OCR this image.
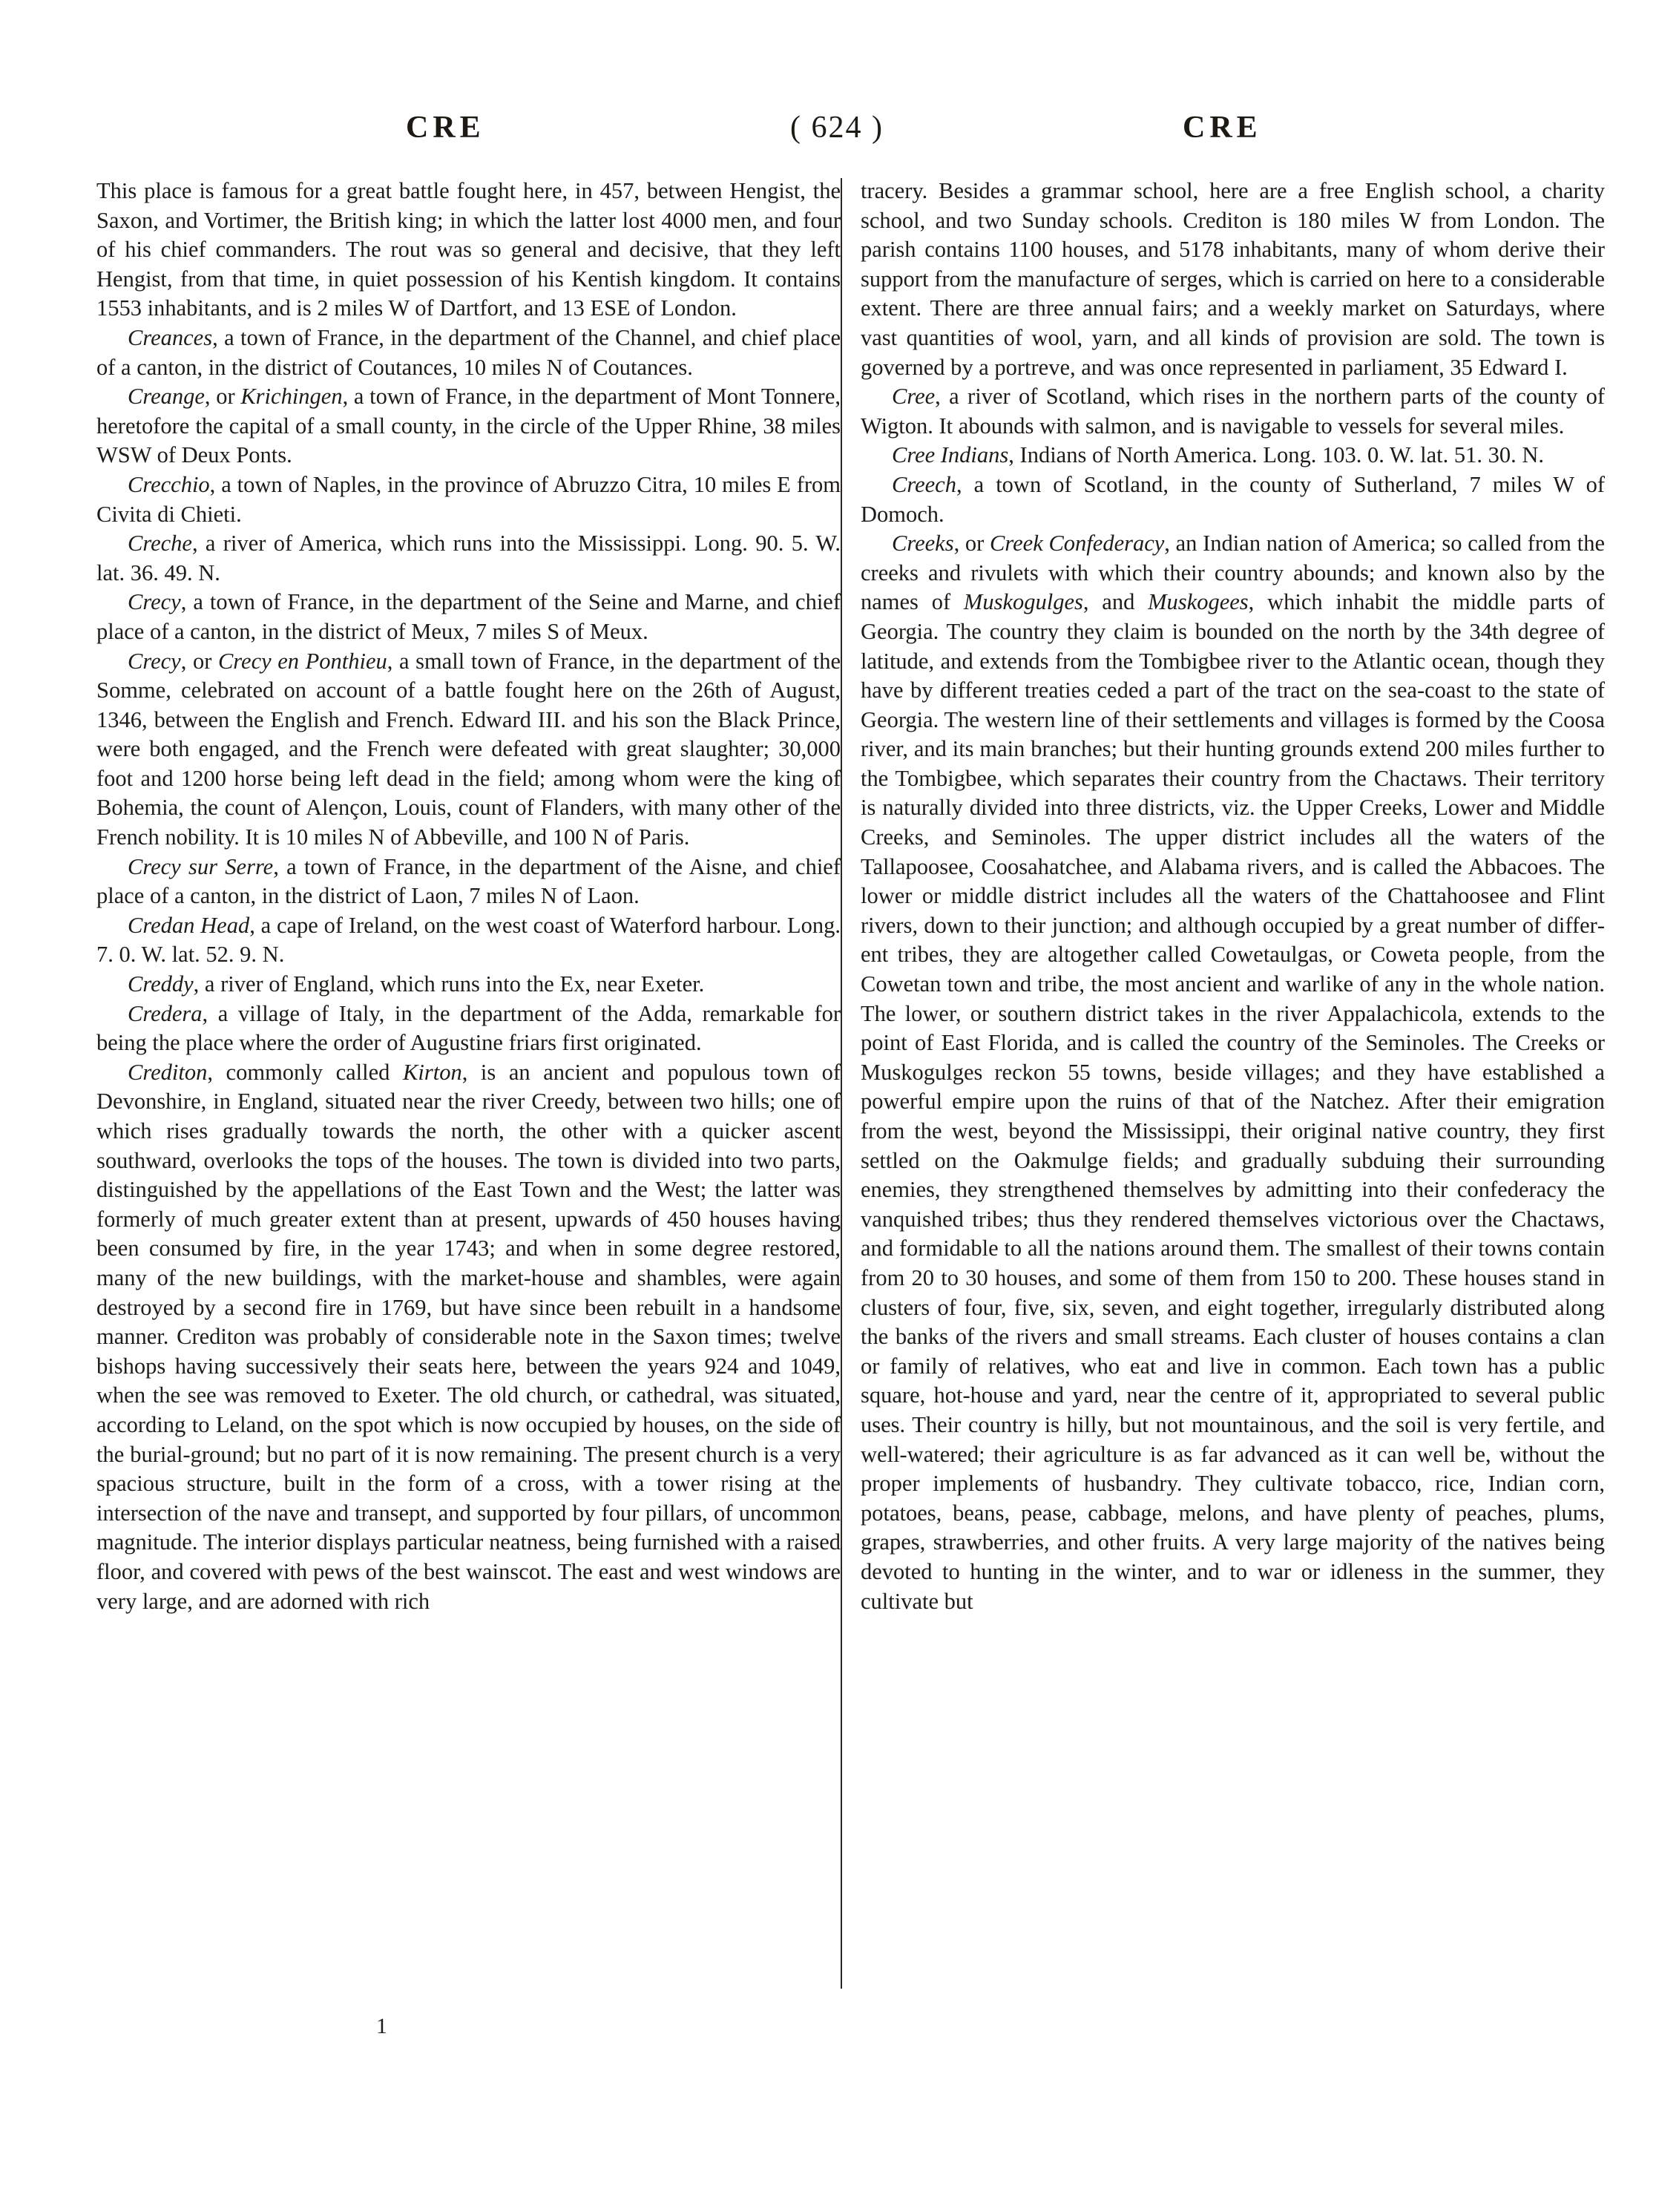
CRE	( 624 )	CRE

This place is famous for a great battle fought here, in 457, between Hengist, the Saxon, and Vortimer, the British king; in which the latter lost 4000 men, and four of his chief commanders. The rout was so general and decisive, that they left Hengist, from that time, in quiet possession of his Kentish kingdom. It contains 1553 inhabitants, and is 2 miles W of Dartfort, and 13 ESE of London.

Creances, a town of France, in the department of the Channel, and chief place of a canton, in the district of Coutances, 10 miles N of Coutances.

Creange, or Krichingen, a town of France, in the department of Mont Tonnere, heretofore the capital of a small county, in the circle of the Upper Rhine, 38 miles WSW of Deux Ponts.

Crecchio, a town of Naples, in the province of Abruzzo Citra, 10 miles E from Civita di Chieti.

Creche, a river of America, which runs into the Mississippi. Long. 90. 5. W. lat. 36. 49. N.

Crecy, a town of France, in the department of the Seine and Marne, and chief place of a canton, in the district of Meux, 7 miles S of Meux.

Crecy, or Crecy en Ponthieu, a small town of France, in the department of the Somme, celebrated on account of a battle fought here on the 26th of August, 1346, between the English and French. Edward III. and his son the Black Prince, were both engaged, and the French were defeated with great slaughter; 30,000 foot and 1200 horse being left dead in the field; among whom were the king of Bohemia, the count of Alençon, Louis, count of Flanders, with many other of the French nobility. It is 10 miles N of Abbeville, and 100 N of Paris.

Crecy sur Serre, a town of France, in the department of the Aisne, and chief place of a canton, in the district of Laon, 7 miles N of Laon.

Credan Head, a cape of Ireland, on the west coast of Waterford harbour. Long. 7. 0. W. lat. 52. 9. N.

Creddy, a river of England, which runs into the Ex, near Exeter.

Credera, a village of Italy, in the department of the Adda, remarkable for being the place where the order of Augustine friars first originated.

Crediton, commonly called Kirton, is an ancient and populous town of Devonshire, in England, situated near the river Creedy, between two hills; one of which rises gradually towards the north, the other with a quicker ascent southward, overlooks the tops of the houses. The town is divided into two parts, distinguished by the appellations of the East Town and the West; the latter was formerly of much greater extent than at present, upwards of 450 houses having been consumed by fire, in the year 1743; and when in some degree restored, many of the new buildings, with the market-house and shambles, were again destroyed by a second fire in 1769, but have since been rebuilt in a handsome manner. Crediton was probably of considerable note in the Saxon times; twelve bishops having successively their seats here, between the years 924 and 1049, when the see was removed to Exeter. The old church, or cathedral, was situated, according to Leland, on the spot which is now occupied by houses, on the side of the burial-ground; but no part of it is now remaining. The present church is a very spacious structure, built in the form of a cross, with a tower rising at the intersection of the nave and transept, and supported by four pillars, of uncommon magnitude. The interior displays particular neatness, being furnished with a raised floor, and covered with pews of the best wainscot. The east and west windows are very large, and are adorned with rich

tracery. Besides a grammar school, here are a free English school, a charity school, and two Sunday schools. Crediton is 180 miles W from London. The parish contains 1100 houses, and 5178 inhabitants, many of whom derive their support from the manufacture of serges, which is carried on here to a considerable extent. There are three annual fairs; and a weekly market on Saturdays, where vast quantities of wool, yarn, and all kinds of provision are sold. The town is governed by a portreve, and was once represented in parliament, 35 Edward I.

Cree, a river of Scotland, which rises in the northern parts of the county of Wigton. It abounds with salmon, and is navigable to vessels for several miles.

Cree Indians, Indians of North America. Long. 103. 0. W. lat. 51. 30. N.

Creech, a town of Scotland, in the county of Sutherland, 7 miles W of Domoch.

Creeks, or Creek Confederacy, an Indian nation of America; so called from the creeks and rivulets with which their country abounds; and known also by the names of Muskogulges, and Muskogees, which inhabit the middle parts of Georgia. The country they claim is bounded on the north by the 34th degree of latitude, and extends from the Tombigbee river to the Atlantic ocean, though they have by different treaties ceded a part of the tract on the sea-coast to the state of Georgia. The western line of their settlements and villages is formed by the Coosa river, and its main branches; but their hunting grounds extend 200 miles further to the Tombigbee, which separates their country from the Chactaws. Their territory is naturally divided into three districts, viz. the Upper Creeks, Lower and Middle Creeks, and Seminoles. The upper district includes all the waters of the Tallapoosee, Coosahatchee, and Alabama rivers, and is called the Abbacoes. The lower or middle district includes all the waters of the Chattahoosee and Flint rivers, down to their junction; and although occupied by a great number of different tribes, they are altogether called Cowetaulgas, or Coweta people, from the Cowetan town and tribe, the most ancient and warlike of any in the whole nation. The lower, or southern district takes in the river Appalachicola, extends to the point of East Florida, and is called the country of the Seminoles. The Creeks or Muskogulges reckon 55 towns, beside villages; and they have established a powerful empire upon the ruins of that of the Natchez. After their emigration from the west, beyond the Mississippi, their original native country, they first settled on the Oakmulge fields; and gradually subduing their surrounding enemies, they strengthened themselves by admitting into their confederacy the vanquished tribes; thus they rendered themselves victorious over the Chactaws, and formidable to all the nations around them. The smallest of their towns contain from 20 to 30 houses, and some of them from 150 to 200. These houses stand in clusters of four, five, six, seven, and eight together, irregularly distributed along the banks of the rivers and small streams. Each cluster of houses contains a clan or family of relatives, who eat and live in common. Each town has a public square, hot-house and yard, near the centre of it, appropriated to several public uses. Their country is hilly, but not mountainous, and the soil is very fertile, and well-watered; their agriculture is as far advanced as it can well be, without the proper implements of husbandry. They cultivate tobacco, rice, Indian corn, potatoes, beans, pease, cabbage, melons, and have plenty of peaches, plums, grapes, strawberries, and other fruits. A very large majority of the natives being devoted to hunting in the winter, and to war or idleness in the summer, they cultivate but

1
